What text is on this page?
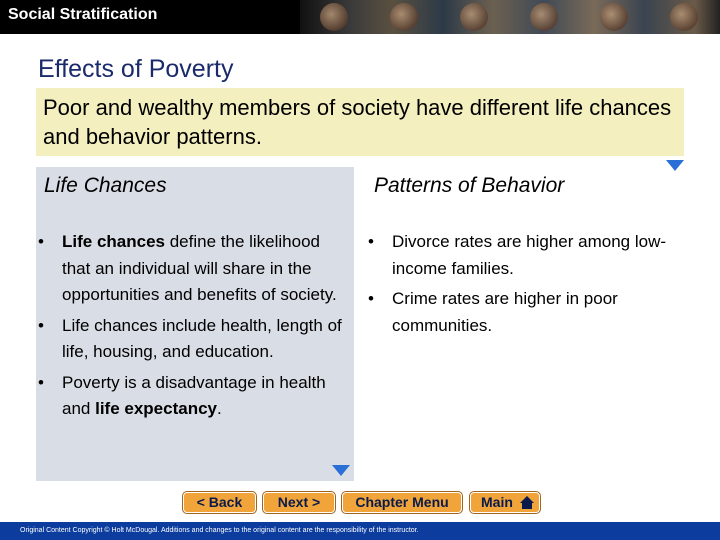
Social Stratification
Effects of Poverty
Poor and wealthy members of society have different life chances and behavior patterns.
Life Chances
• Life chances define the likelihood that an individual will share in the opportunities and benefits of society.
• Life chances include health, length of life, housing, and education.
• Poverty is a disadvantage in health and life expectancy.
Patterns of Behavior
• Divorce rates are higher among low-income families.
• Crime rates are higher in poor communities.
< Back	Next >	Chapter Menu	Main
Original Content Copyright © Holt McDougal. Additions and changes to the original content are the responsibility of the instructor.
